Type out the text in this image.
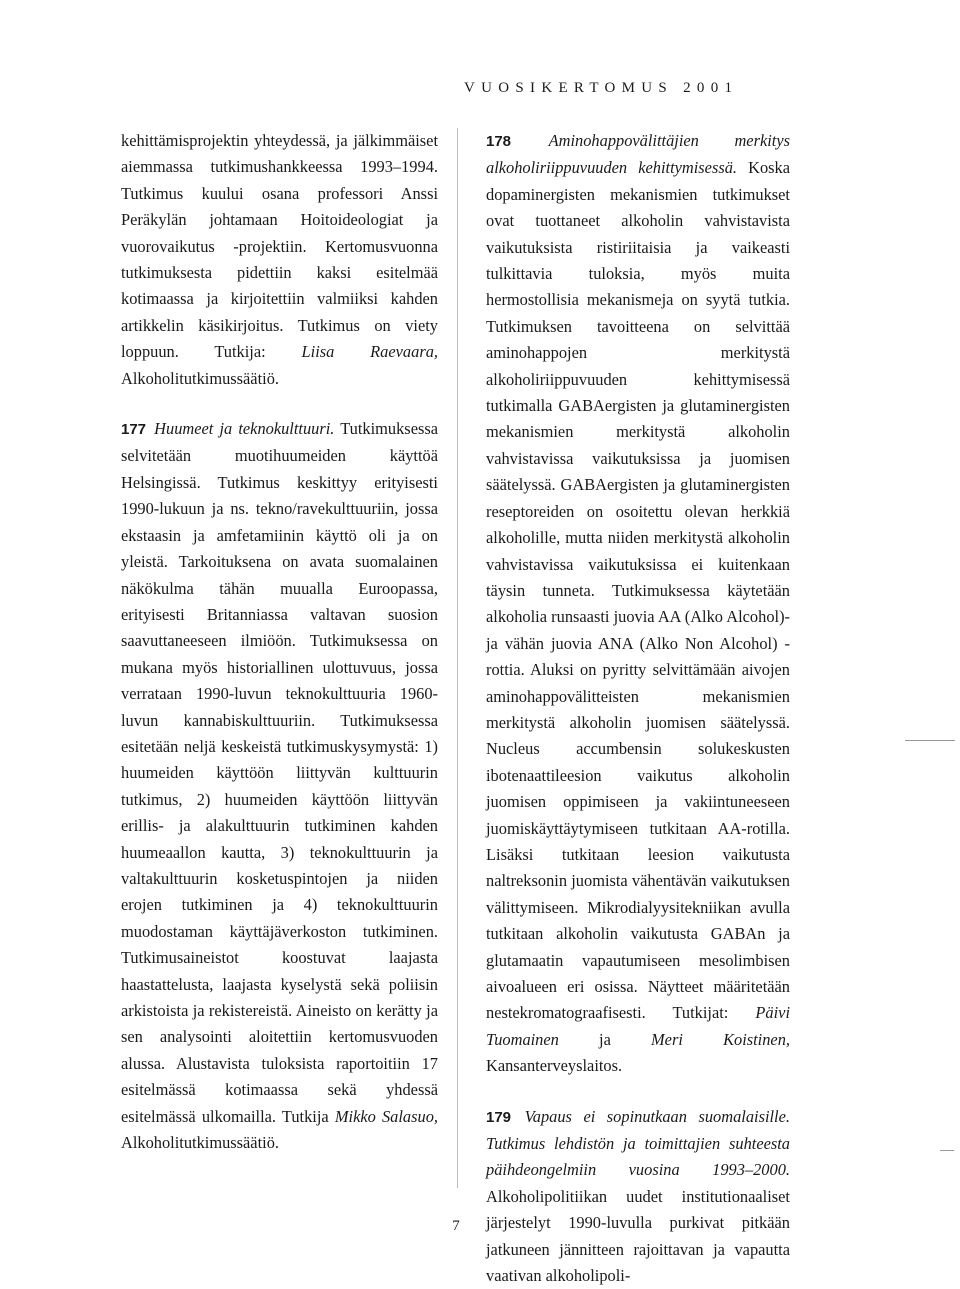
VUOSIKERTOMUS 2001

kehittämisprojektin yhteydessä, ja jälkimmäiset aiemmassa tutkimushankkeessa 1993–1994. Tutkimus kuului osana professori Anssi Peräkylän johtamaan Hoitoideologiat ja vuorovaikutus -projektiin. Kertomusvuonna tutkimuksesta pidettiin kaksi esitelmää kotimaassa ja kirjoitettiin valmiiksi kahden artikkelin käsikirjoitus. Tutkimus on viety loppuun. Tutkija: Liisa Raevaara, Alkoholitutkimussäätiö.

177 Huumeet ja teknokulttuuri. Tutkimuksessa selvitetään muotihuumeiden käyttöä Helsingissä. Tutkimus keskittyy erityisesti 1990-lukuun ja ns. tekno/ravekulttuuriin, jossa ekstaasin ja amfetamiinin käyttö oli ja on yleistä. Tarkoituksena on avata suomalainen näkökulma tähän muualla Euroopassa, erityisesti Britanniassa valtavan suosion saavuttaneeseen ilmiöön. Tutkimuksessa on mukana myös historiallinen ulottuvuus, jossa verrataan 1990-luvun teknokulttuuria 1960-luvun kannabiskulttuuriin. Tutkimuksessa esitetään neljä keskeistä tutkimuskysymystä: 1) huumeiden käyttöön liittyvän kulttuurin tutkimus, 2) huumeiden käyttöön liittyvän erillis- ja alakulttuurin tutkiminen kahden huumeaallon kautta, 3) teknokulttuurin ja valtakulttuurin kosketuspintojen ja niiden erojen tutkiminen ja 4) teknokulttuurin muodostaman käyttäjäverkoston tutkiminen. Tutkimusaineistot koostuvat laajasta haastattelusta, laajasta kyselystä sekä poliisin arkistoista ja rekistereistä. Aineisto on kerätty ja sen analysointi aloitettiin kertomusvuoden alussa. Alustavista tuloksista raportoitiin 17 esitelmässä kotimaassa sekä yhdessä esitelmässä ulkomailla. Tutkija Mikko Salasuo, Alkoholitutkimussäätiö.

178 Aminohappovälittäjien merkitys alkoholiriippuvuuden kehittymisessä. Koska dopaminergisten mekanismien tutkimukset ovat tuottaneet alkoholin vahvistavista vaikutuksista ristiriitaisia ja vaikeasti tulkittavia tuloksia, myös muita hermostollisia mekanismeja on syytä tutkia. Tutkimuksen tavoitteena on selvittää aminohappojen merkitystä alkoholiriippuvuuden kehittymisessä tutkimalla GABAergisten ja glutaminergisten mekanismien merkitystä alkoholin vahvistavissa vaikutuksissa ja juomisen säätelyssä. GABAergisten ja glutaminergisten reseptoreiden on osoitettu olevan herkkiä alkoholille, mutta niiden merkitystä alkoholin vahvistavissa vaikutuksissa ei kuitenkaan täysin tunneta. Tutkimuksessa käytetään alkoholia runsaasti juovia AA (Alko Alcohol)- ja vähän juovia ANA (Alko Non Alcohol) -rottia. Aluksi on pyritty selvittämään aivojen aminohappovälitteisten mekanismien merkitystä alkoholin juomisen säätelyssä. Nucleus accumbensin solukeskusten ibotenaattileesion vaikutus alkoholin juomisen oppimiseen ja vakiintuneeseen juomiskäyttäytymiseen tutkitaan AA-rotilla. Lisäksi tutkitaan leesion vaikutusta naltreksonin juomista vähentävän vaikutuksen välittymiseen. Mikrodialyysitekniikan avulla tutkitaan alkoholin vaikutusta GABAn ja glutamaatin vapautumiseen mesolimbisen aivoalueen eri osissa. Näytteet määritetään nestekromatograafisesti. Tutkijat: Päivi Tuomainen ja Meri Koistinen, Kansanterveyslaitos.

179 Vapaus ei sopinutkaan suomalaisille. Tutkimus lehdistön ja toimittajien suhteesta päihdeongelmiin vuosina 1993–2000. Alkoholipolitiikan uudet institutionaaliset järjestelyt 1990-luvulla purkivat pitkään jatkuneen jännitteen rajoittavan ja vapautta vaativan alkoholipoli-

7
